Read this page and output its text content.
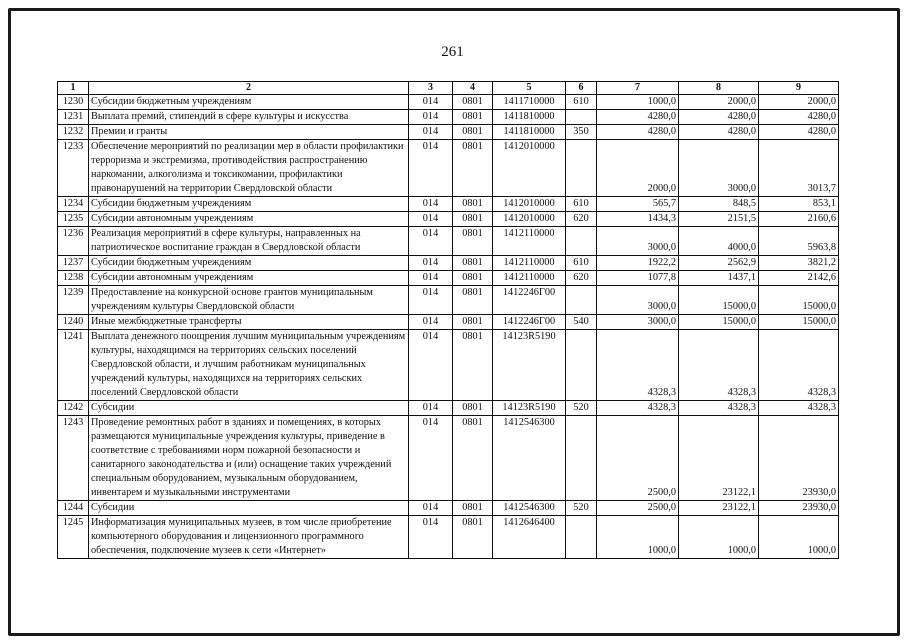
261
1	2	3	4	5	6	7	8	9
1230	Субсидии бюджетным учреждениям	014	0801	1411710000	610	1000,0	2000,0	2000,0
1231	Выплата премий, стипендий в сфере культуры и искусства	014	0801	1411810000		4280,0	4280,0	4280,0
1232	Премии и гранты	014	0801	1411810000	350	4280,0	4280,0	4280,0
1233	Обеспечение мероприятий по реализации мер в области профилактики терроризма и экстремизма, противодействия распространению наркомании, алкоголизма и токсикомании, профилактики правонарушений на территории Свердловской области	014	0801	1412010000		2000,0	3000,0	3013,7
1234	Субсидии бюджетным учреждениям	014	0801	1412010000	610	565,7	848,5	853,1
1235	Субсидии автономным учреждениям	014	0801	1412010000	620	1434,3	2151,5	2160,6
1236	Реализация мероприятий в сфере культуры, направленных на патриотическое воспитание граждан в Свердловской области	014	0801	1412110000		3000,0	4000,0	5963,8
1237	Субсидии бюджетным учреждениям	014	0801	1412110000	610	1922,2	2562,9	3821,2
1238	Субсидии автономным учреждениям	014	0801	1412110000	620	1077,8	1437,1	2142,6
1239	Предоставление на конкурсной основе грантов муниципальным учреждениям культуры Свердловской области	014	0801	1412246Г00		3000,0	15000,0	15000,0
1240	Иные межбюджетные трансферты	014	0801	1412246Г00	540	3000,0	15000,0	15000,0
1241	Выплата денежного поощрения лучшим муниципальным учреждениям культуры, находящимся на территориях сельских поселений Свердловской области, и лучшим работникам муниципальных учреждений культуры, находящихся на территориях сельских поселений Свердловской области	014	0801	14123R5190		4328,3	4328,3	4328,3
1242	Субсидии	014	0801	14123R5190	520	4328,3	4328,3	4328,3
1243	Проведение ремонтных работ в зданиях и помещениях, в которых размещаются муниципальные учреждения культуры, приведение в соответствие с требованиями норм пожарной безопасности и санитарного законодательства и (или) оснащение таких учреждений специальным оборудованием, музыкальным оборудованием, инвентарем и музыкальными инструментами	014	0801	1412546300		2500,0	23122,1	23930,0
1244	Субсидии	014	0801	1412546300	520	2500,0	23122,1	23930,0
1245	Информатизация муниципальных музеев, в том числе приобретение компьютерного оборудования и лицензионного программного обеспечения, подключение музеев к сети «Интернет»	014	0801	1412646400		1000,0	1000,0	1000,0
